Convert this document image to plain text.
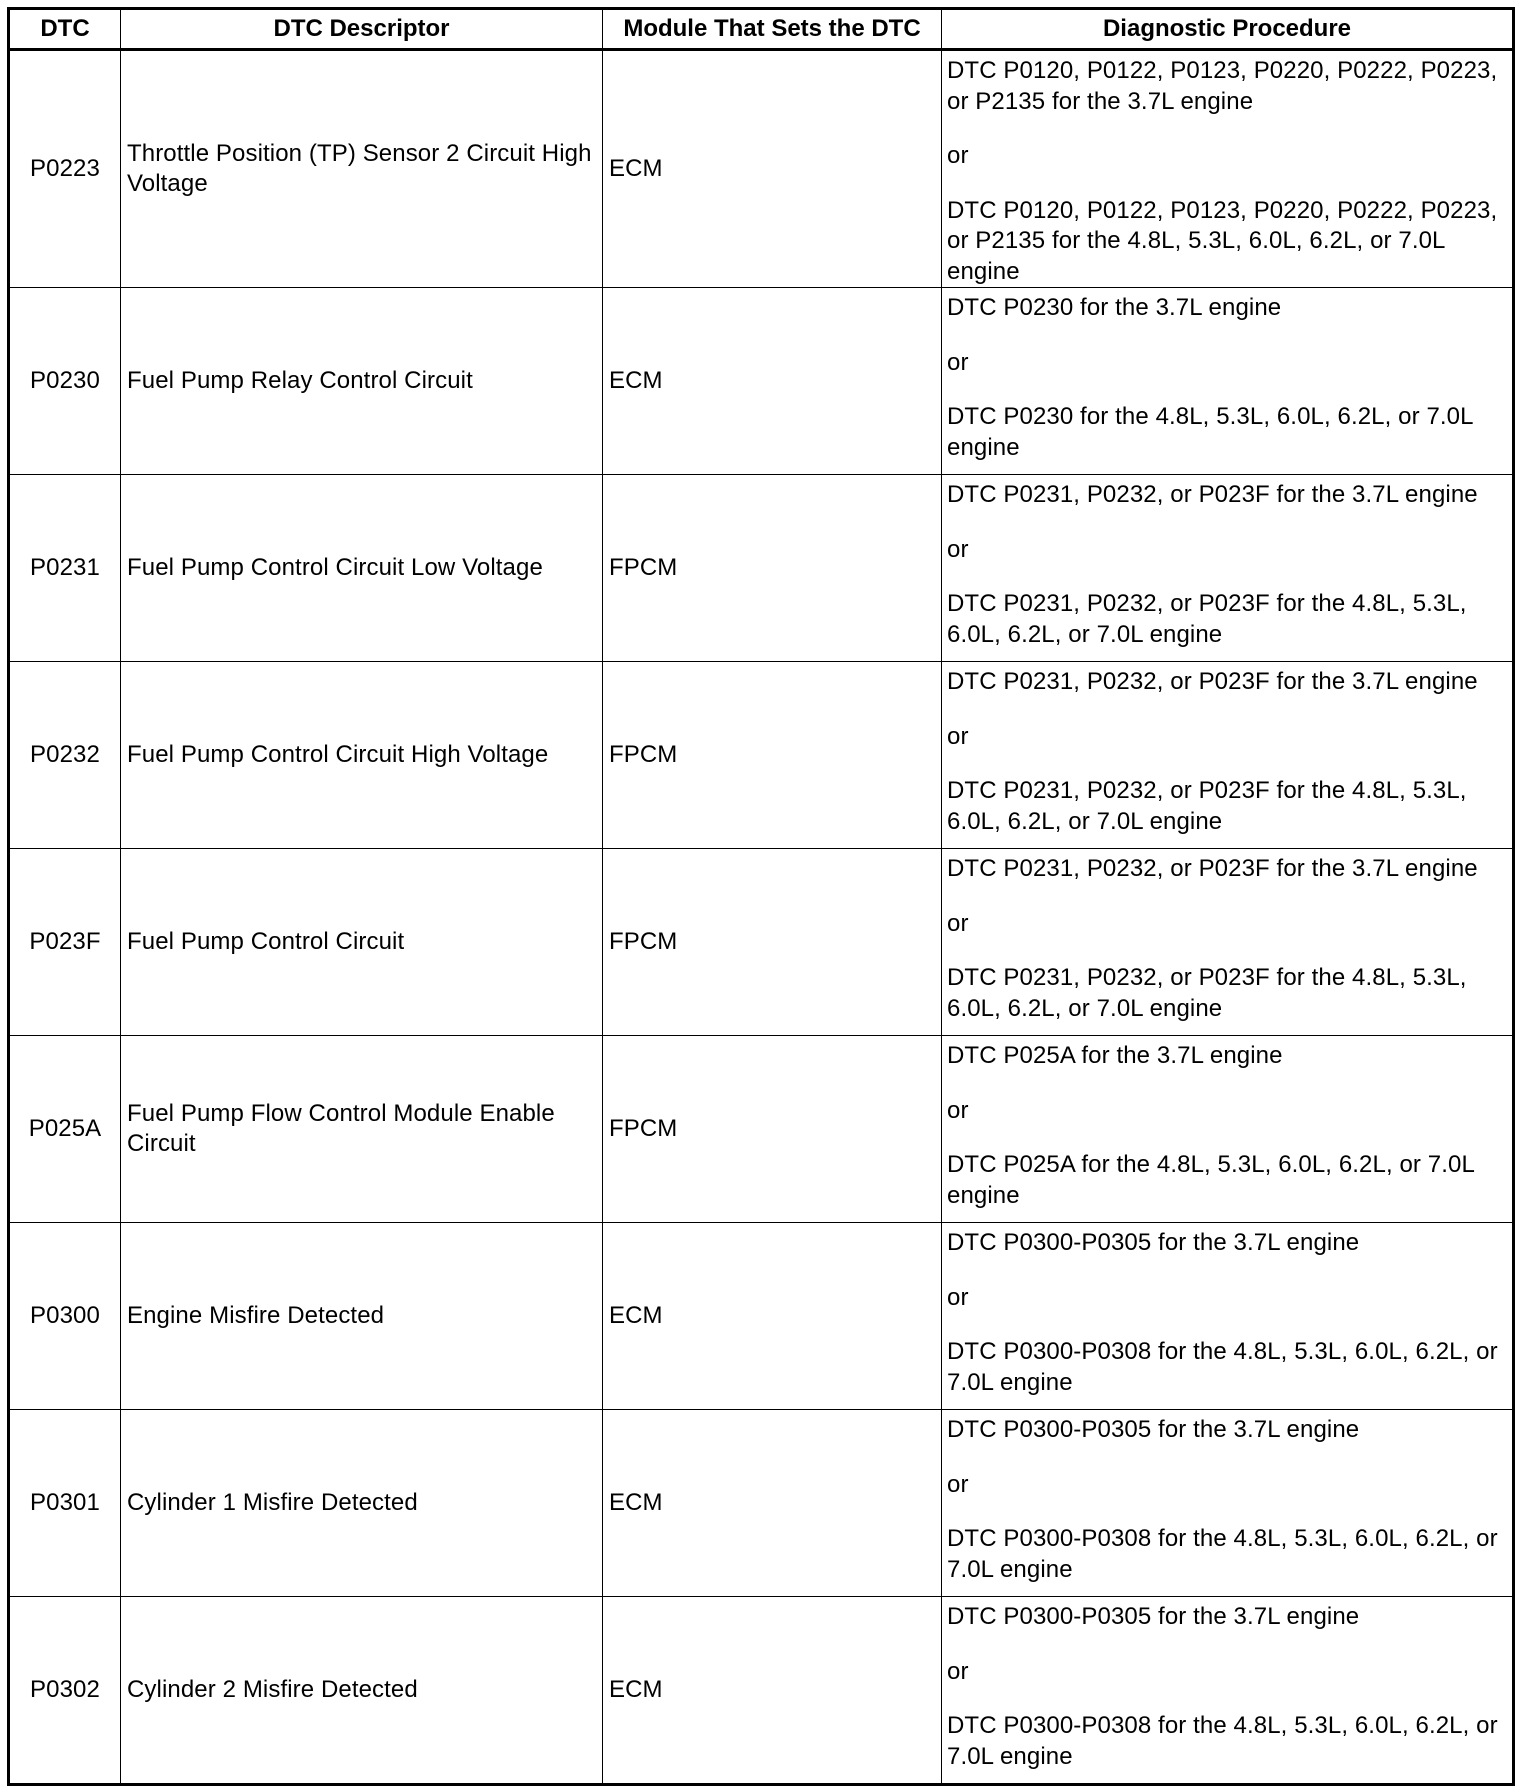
DTC	DTC Descriptor	Module That Sets the DTC	Diagnostic Procedure
P0223	Throttle Position (TP) Sensor 2 Circuit High Voltage	ECM	DTC P0120, P0122, P0123, P0220, P0222, P0223, or P2135 for the 3.7L engine
or
DTC P0120, P0122, P0123, P0220, P0222, P0223, or P2135 for the 4.8L, 5.3L, 6.0L, 6.2L, or 7.0L engine

P0230	Fuel Pump Relay Control Circuit	ECM	DTC P0230 for the 3.7L engine
or
DTC P0230 for the 4.8L, 5.3L, 6.0L, 6.2L, or 7.0L engine

P0231	Fuel Pump Control Circuit Low Voltage	FPCM	DTC P0231, P0232, or P023F for the 3.7L engine
or
DTC P0231, P0232, or P023F for the 4.8L, 5.3L, 6.0L, 6.2L, or 7.0L engine

P0232	Fuel Pump Control Circuit High Voltage	FPCM	DTC P0231, P0232, or P023F for the 3.7L engine
or
DTC P0231, P0232, or P023F for the 4.8L, 5.3L, 6.0L, 6.2L, or 7.0L engine

P023F	Fuel Pump Control Circuit	FPCM	DTC P0231, P0232, or P023F for the 3.7L engine
or
DTC P0231, P0232, or P023F for the 4.8L, 5.3L, 6.0L, 6.2L, or 7.0L engine

P025A	Fuel Pump Flow Control Module Enable Circuit	FPCM	DTC P025A for the 3.7L engine
or
DTC P025A for the 4.8L, 5.3L, 6.0L, 6.2L, or 7.0L engine

P0300	Engine Misfire Detected	ECM	DTC P0300-P0305 for the 3.7L engine
or
DTC P0300-P0308 for the 4.8L, 5.3L, 6.0L, 6.2L, or 7.0L engine

P0301	Cylinder 1 Misfire Detected	ECM	DTC P0300-P0305 for the 3.7L engine
or
DTC P0300-P0308 for the 4.8L, 5.3L, 6.0L, 6.2L, or 7.0L engine

P0302	Cylinder 2 Misfire Detected	ECM	DTC P0300-P0305 for the 3.7L engine
or
DTC P0300-P0308 for the 4.8L, 5.3L, 6.0L, 6.2L, or 7.0L engine
